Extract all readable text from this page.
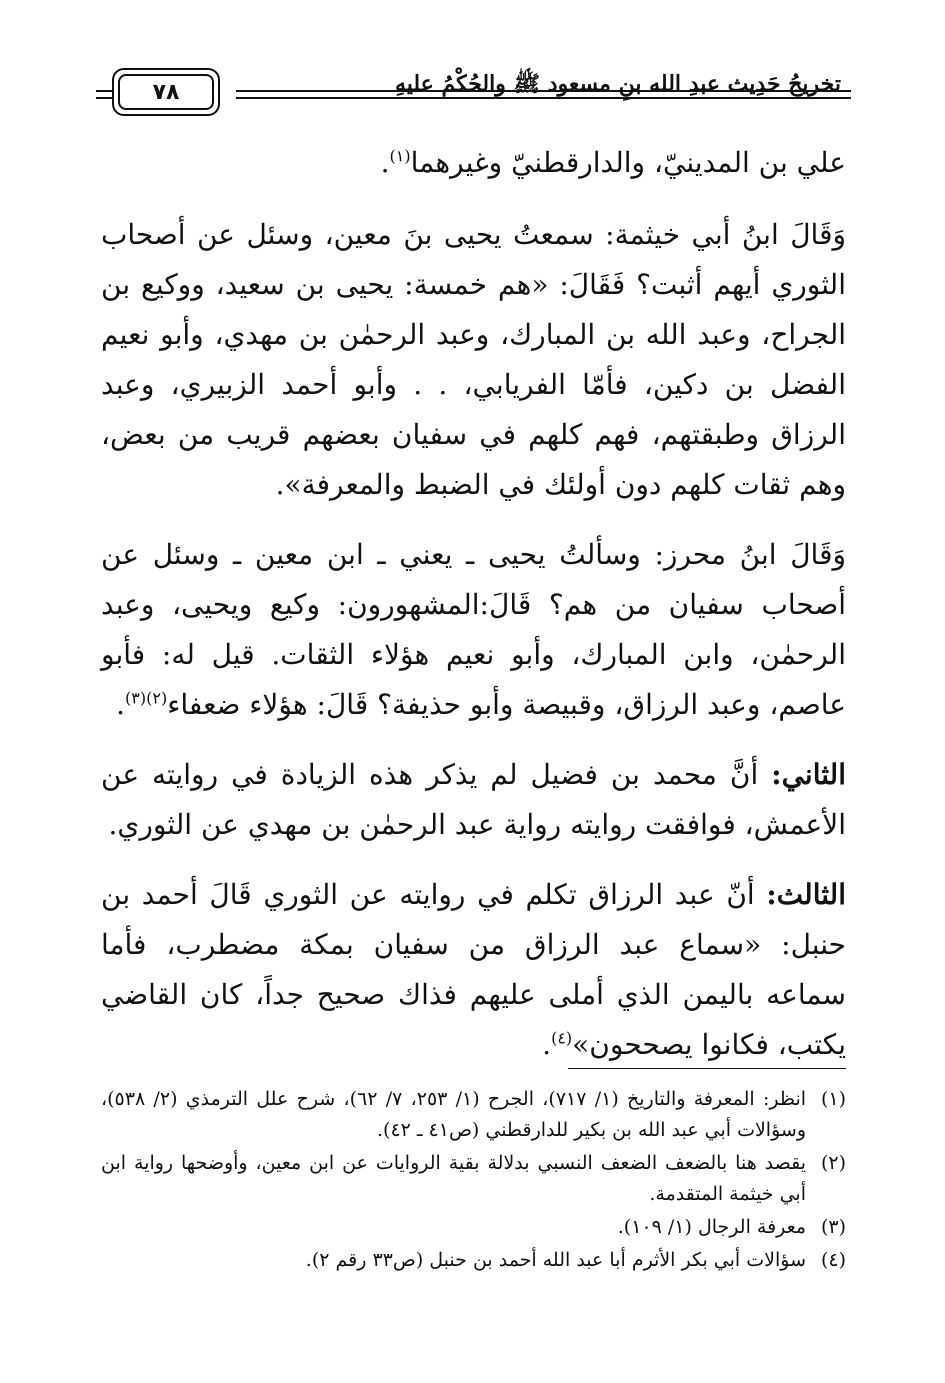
تخريجُ حَدِيث عبدِ الله بنِ مسعود ﷺ والحُكْمُ عليهِ
٧٨

علي بن المدينيّ، والدارقطنيّ وغيرهما$^{(١)}$.

وَقَالَ ابنُ أبي خيثمة: سمعتُ يحيى بنَ معين، وسئل عن أصحاب الثوري أيهم أثبت؟ فَقَالَ: «هم خمسة: يحيى بن سعيد، ووكيع بن الجراح، وعبد الله بن المبارك، وعبد الرحمٰن بن مهدي، وأبو نعيم الفضل بن دكين، فأمّا الفريابي، . . وأبو أحمد الزبيري، وعبد الرزاق وطبقتهم، فهم كلهم في سفيان بعضهم قريب من بعض، وهم ثقات كلهم دون أولئك في الضبط والمعرفة».

وَقَالَ ابنُ محرز: وسألتُ يحيى ـ يعني ـ ابن معين ـ وسئل عن أصحاب سفيان من هم؟ قَالَ:المشهورون: وكيع ويحيى، وعبد الرحمٰن، وابن المبارك، وأبو نعيم هؤلاء الثقات. قيل له: فأبو عاصم، وعبد الرزاق، وقبيصة وأبو حذيفة؟ قَالَ: هؤلاء ضعفاء$^{(٢)(٣)}$.

الثاني: أنَّ محمد بن فضيل لم يذكر هذه الزيادة في روايته عن الأعمش، فوافقت روايته رواية عبد الرحمٰن بن مهدي عن الثوري.

الثالث: أنّ عبد الرزاق تكلم في روايته عن الثوري قَالَ أحمد بن حنبل: «سماع عبد الرزاق من سفيان بمكة مضطرب، فأما سماعه باليمن الذي أملى عليهم فذاك صحيح جداً، كان القاضي يكتب، فكانوا يصححون»$^{(٤)}$.

(١)
انظر: المعرفة والتاريخ (١/ ٧١٧)، الجرح (١/ ٢٥٣، ٧/ ٦٢)، شرح علل الترمذي (٢/ ٥٣٨)، وسؤالات أبي عبد الله بن بكير للدارقطني (ص٤١ ـ ٤٢).
(٢)
يقصد هنا بالضعف الضعف النسبي بدلالة بقية الروايات عن ابن معين، وأوضحها رواية ابن أبي خيثمة المتقدمة.
(٣)
معرفة الرجال (١/ ١٠٩).
(٤)
سؤالات أبي بكر الأثرم أبا عبد الله أحمد بن حنبل (ص٣٣ رقم ٢).
